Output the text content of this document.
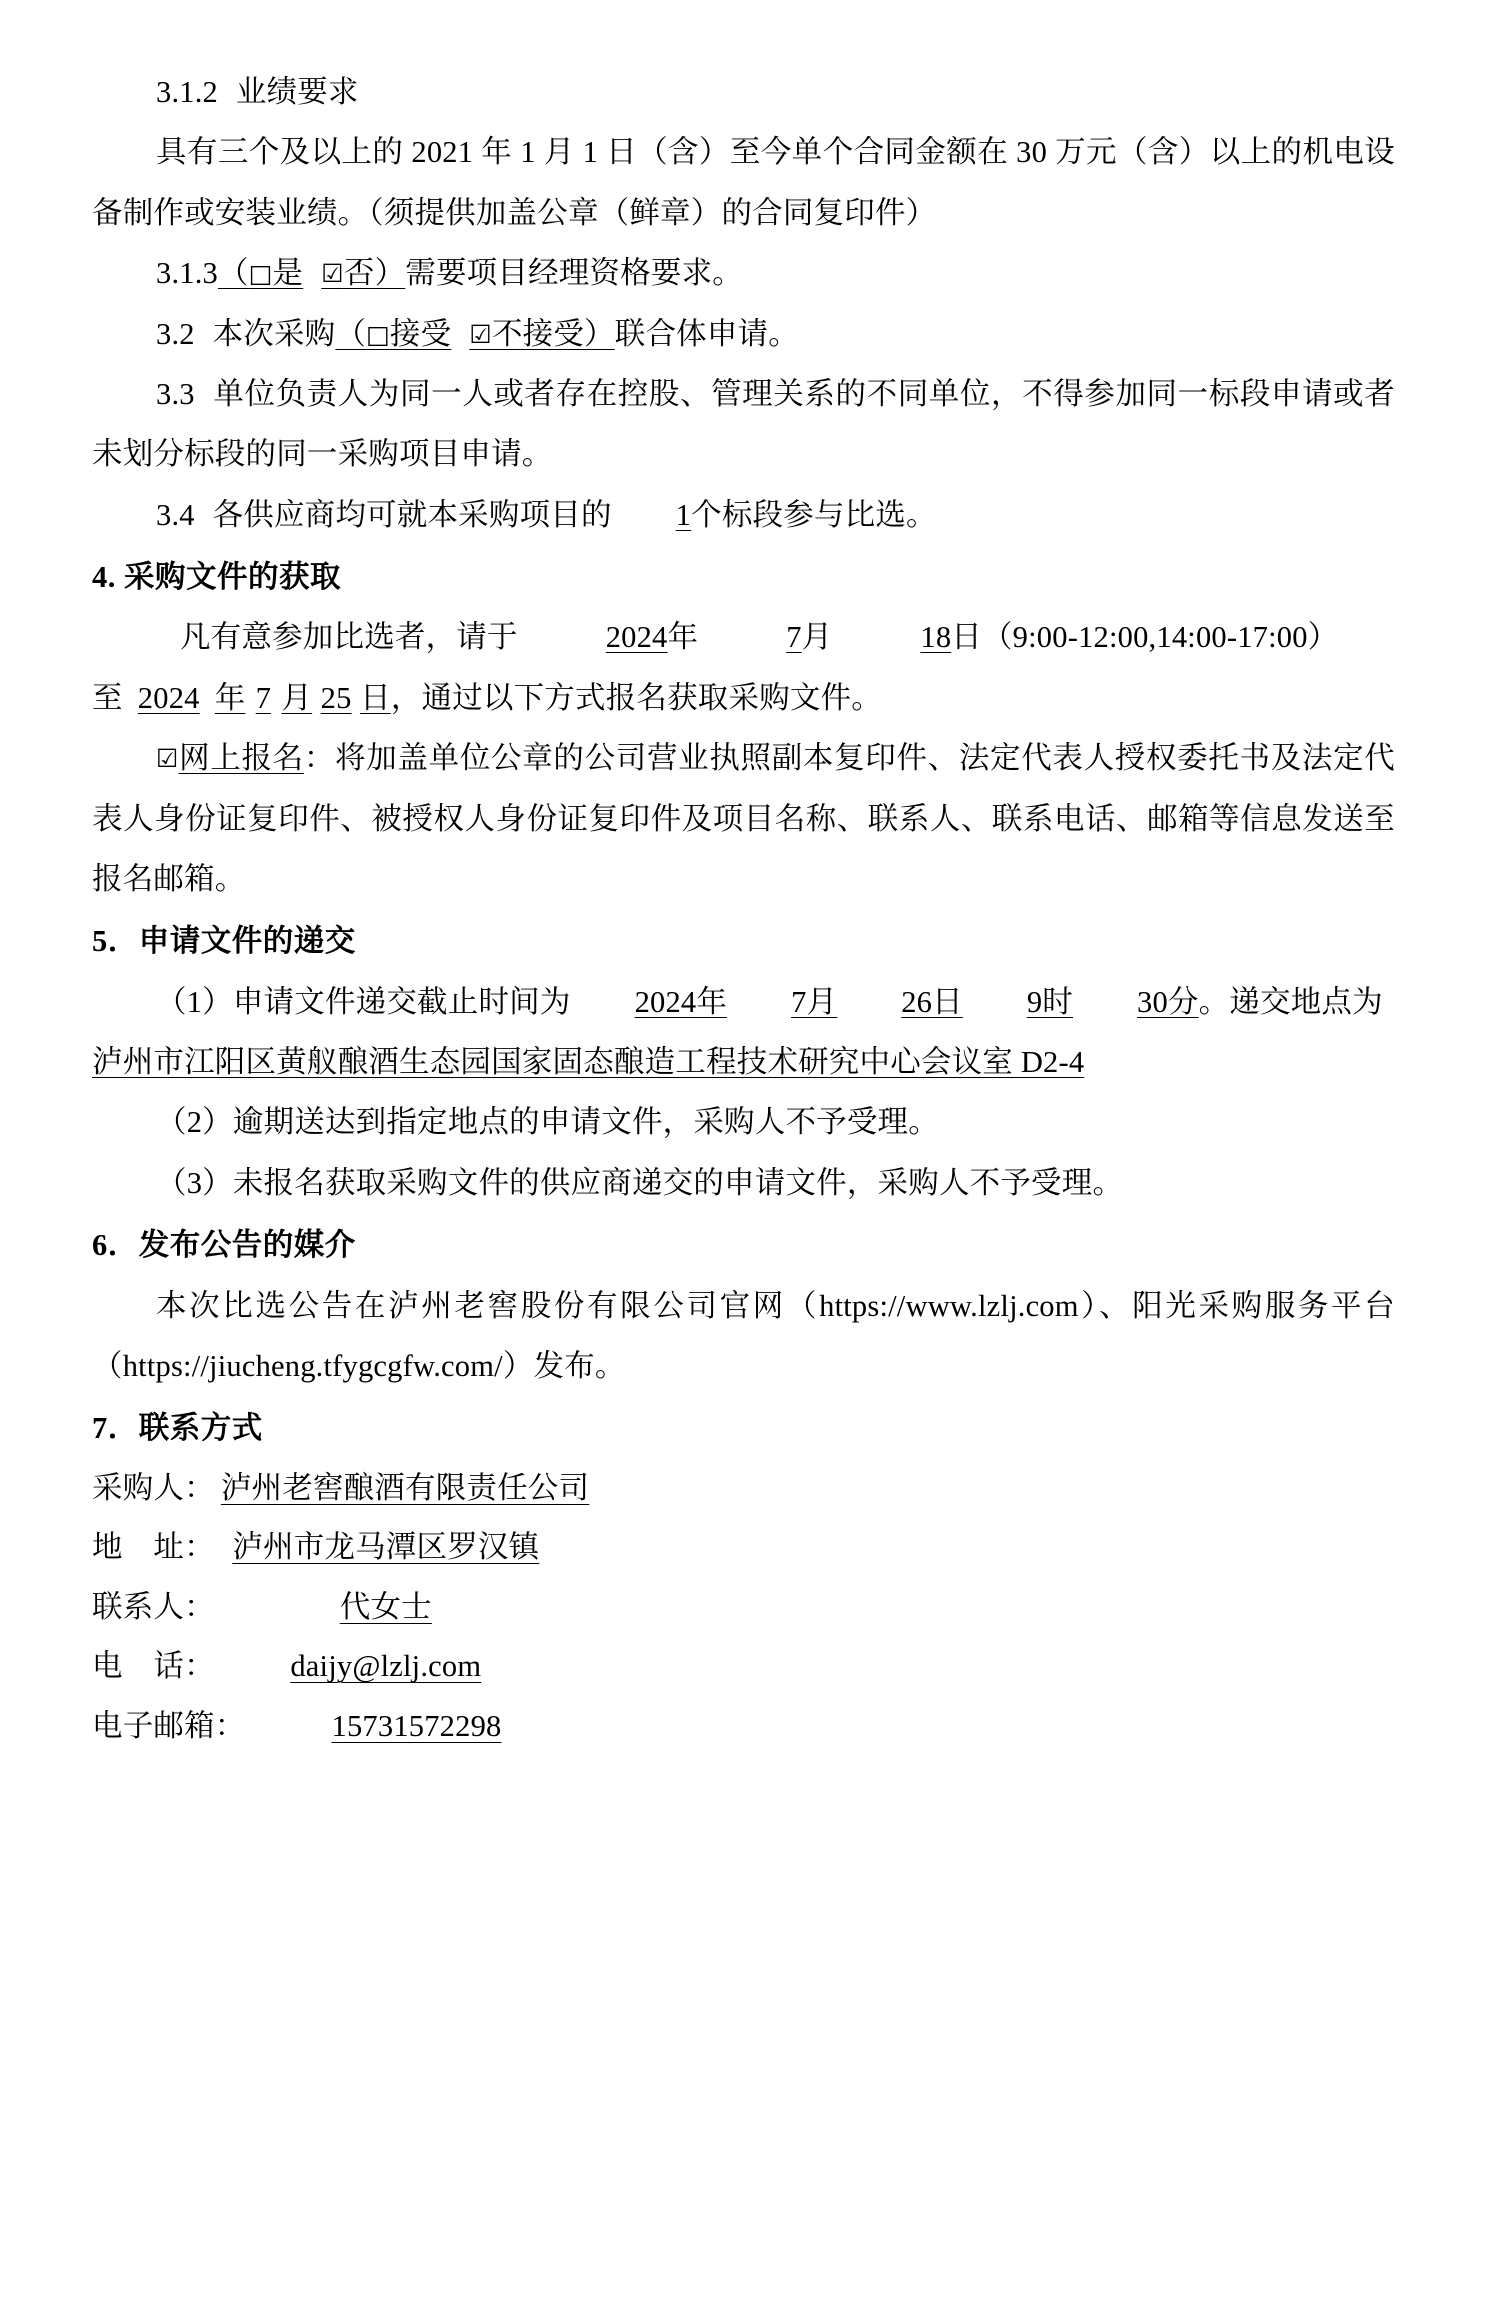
3.1.2 业绩要求

具有三个及以上的 2021 年 1 月 1 日（含）至今单个合同金额在 30 万元（含）以上的机电设备制作或安装业绩。（须提供加盖公章（鲜章）的合同复印件）

3.1.3（□是 ☑否）需要项目经理资格要求。

3.2 本次采购（□接受 ☑不接受）联合体申请。

3.3 单位负责人为同一人或者存在控股、管理关系的不同单位，不得参加同一标段申请或者未划分标段的同一采购项目申请。

3.4 各供应商均可就本采购项目的 1个标段参与比选。

4. 采购文件的获取

凡有意参加比选者，请于	2024年	7月	18日（9:00-12:00,14:00-17:00）

至 2024 年 7 月 25 日，通过以下方式报名获取采购文件。

☑网上报名：将加盖单位公章的公司营业执照副本复印件、法定代表人授权委托书及法定代表人身份证复印件、被授权人身份证复印件及项目名称、联系人、联系电话、邮箱等信息发送至报名邮箱。

5．申请文件的递交

（1）申请文件递交截止时间为 2024年 7月 26日 9时 30分。递交地点为

泸州市江阳区黄舣酿酒生态园国家固态酿造工程技术研究中心会议室 D2-4

（2）逾期送达到指定地点的申请文件，采购人不予受理。

（3）未报名获取采购文件的供应商递交的申请文件，采购人不予受理。

6．发布公告的媒介

本次比选公告在泸州老窖股份有限公司官网（https://www.lzlj.com）、阳光采购服务平台（https://jiucheng.tfygcgfw.com/）发布。

7．联系方式

采购人： 泸州老窖酿酒有限责任公司

地　址： 泸州市龙马潭区罗汉镇

联系人：	代女士

电　话： daijy@lzlj.com

电子邮箱：	15731572298
